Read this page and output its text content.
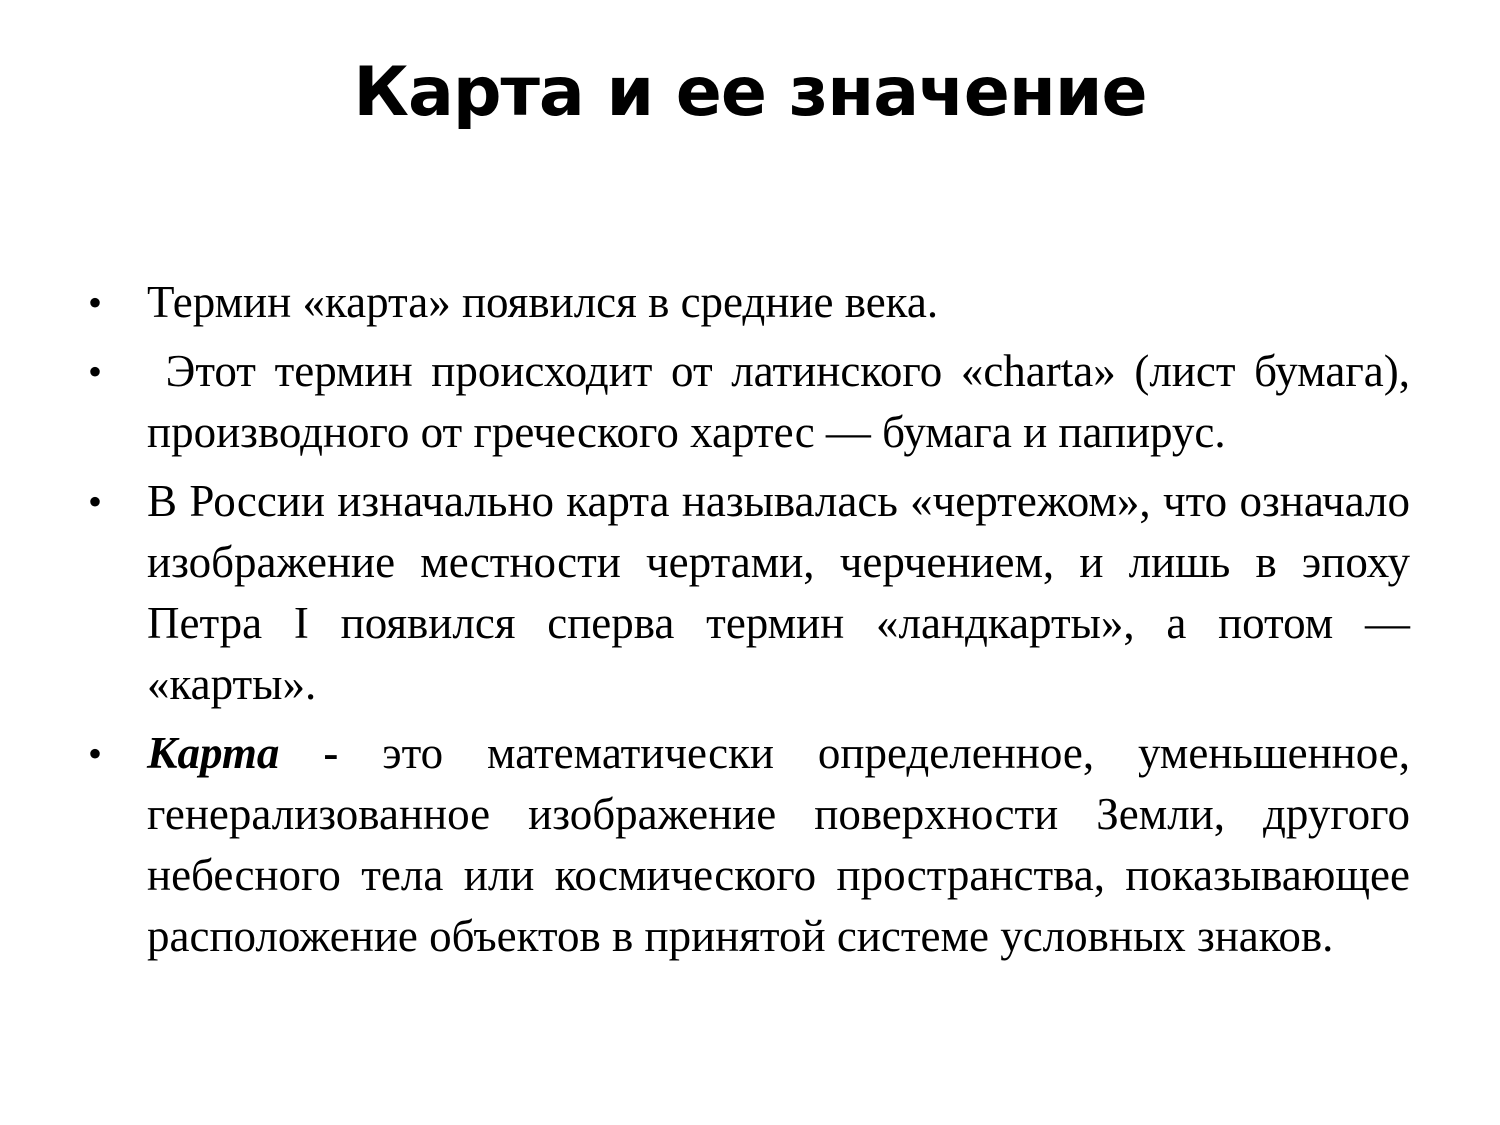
Карта и ее значение
• Термин «карта» появился в средние века.
• Этот термин происходит от латинского «charta» (лист бумага), производного от греческого хартес — бумага и папирус.
• В России изначально карта называлась «чертежом», что означало изображение местности чертами, черчением, и лишь в эпоху Петра I появился сперва термин «ландкарты», а потом — «карты».
• Карта - это математически определенное, уменьшенное, генерализованное изображение поверхности Земли, другого небесного тела или космического пространства, показывающее расположение объектов в принятой системе условных знаков.
